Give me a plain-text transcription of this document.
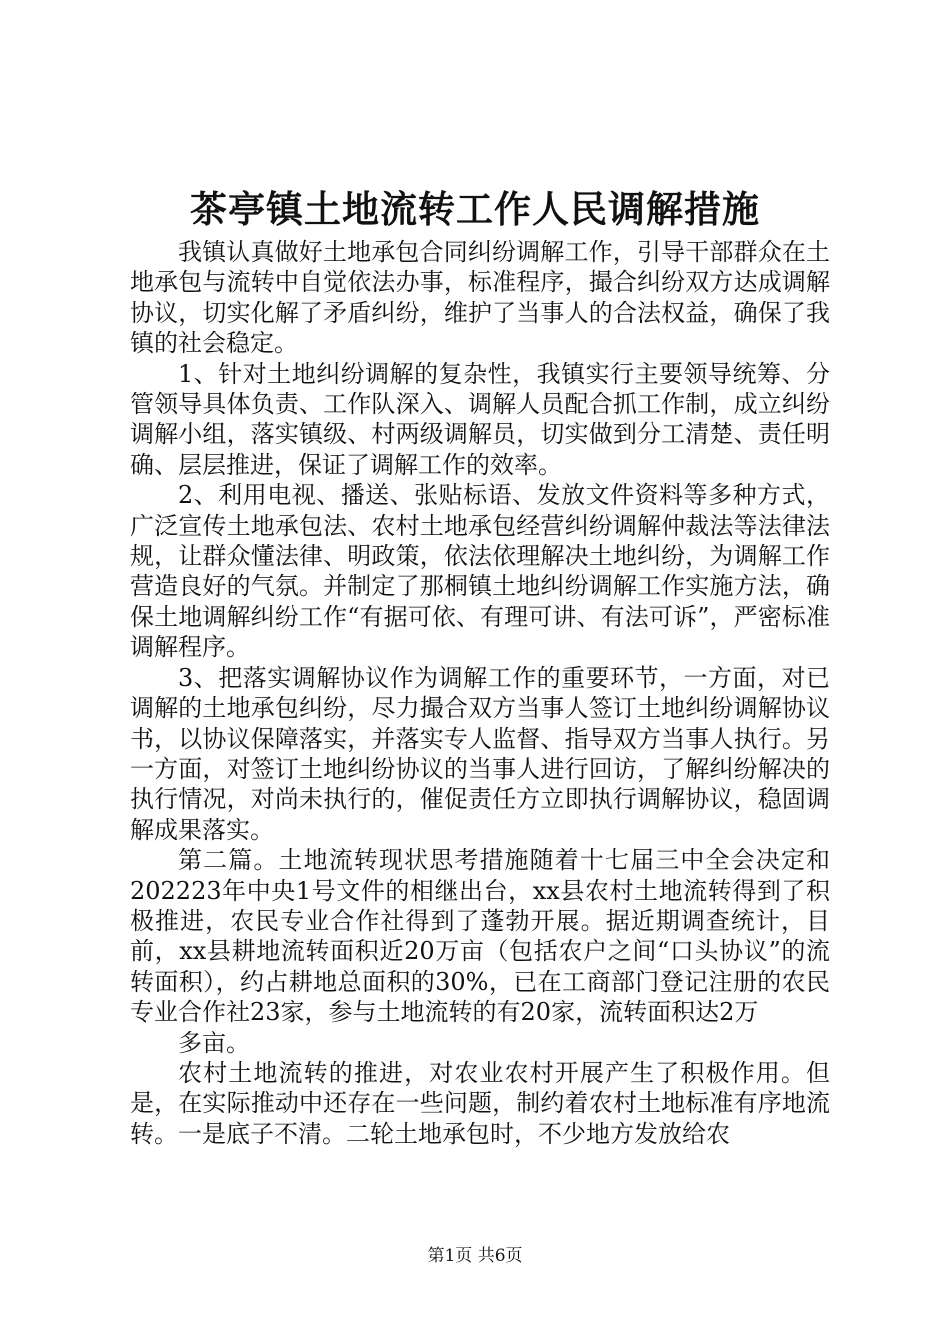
茶亭镇土地流转工作人民调解措施

我镇认真做好土地承包合同纠纷调解工作，引导干部群众在土地承包与流转中自觉依法办事，标准程序，撮合纠纷双方达成调解协议，切实化解了矛盾纠纷，维护了当事人的合法权益，确保了我镇的社会稳定。

1、针对土地纠纷调解的复杂性，我镇实行主要领导统筹、分管领导具体负责、工作队深入、调解人员配合抓工作制，成立纠纷调解小组，落实镇级、村两级调解员，切实做到分工清楚、责任明确、层层推进，保证了调解工作的效率。

2、利用电视、播送、张贴标语、发放文件资料等多种方式，广泛宣传土地承包法、农村土地承包经营纠纷调解仲裁法等法律法规，让群众懂法律、明政策，依法依理解决土地纠纷，为调解工作营造良好的气氛。并制定了那桐镇土地纠纷调解工作实施方法，确保土地调解纠纷工作“有据可依、有理可讲、有法可诉”，严密标准调解程序。

3、把落实调解协议作为调解工作的重要环节，一方面，对已调解的土地承包纠纷，尽力撮合双方当事人签订土地纠纷调解协议书，以协议保障落实，并落实专人监督、指导双方当事人执行。另一方面，对签订土地纠纷协议的当事人进行回访，了解纠纷解决的执行情况，对尚未执行的，催促责任方立即执行调解协议，稳固调解成果落实。

第二篇。土地流转现状思考措施随着十七届三中全会决定和202223年中央1号文件的相继出台，xx县农村土地流转得到了积极推进，农民专业合作社得到了蓬勃开展。据近期调查统计，目前，xx县耕地流转面积近20万亩（包括农户之间“口头协议”的流转面积），约占耕地总面积的30%，已在工商部门登记注册的农民专业合作社23家，参与土地流转的有20家，流转面积达2万

多亩。

农村土地流转的推进，对农业农村开展产生了积极作用。但是，在实际推动中还存在一些问题，制约着农村土地标准有序地流转。一是底子不清。二轮土地承包时，不少地方发放给农

第1页 共6页
